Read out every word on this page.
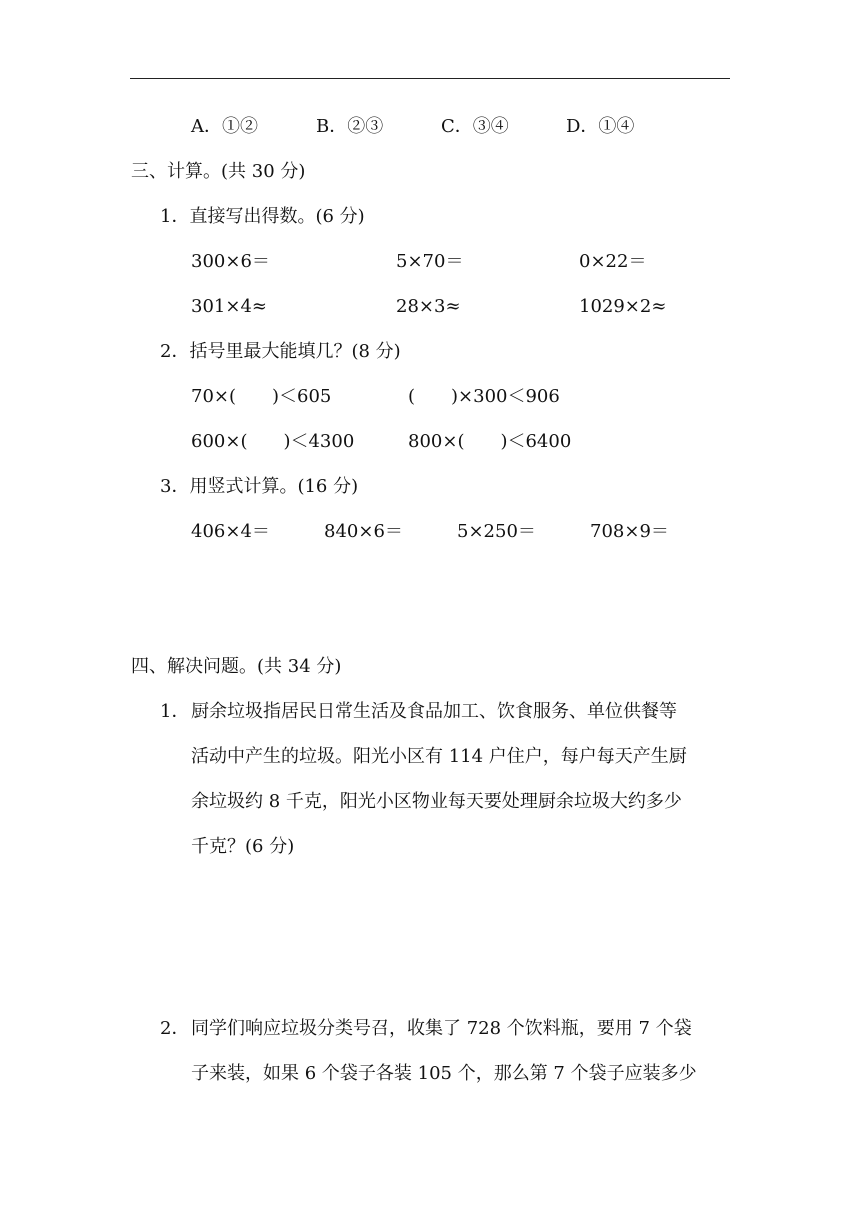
A．①②	B．②③	C．③④	D．①④
三、计算。(共 30 分)
1．直接写出得数。(6 分)
300×6＝	5×70＝	0×22＝
301×4≈	28×3≈	1029×2≈
2．括号里最大能填几？(8 分)
70×(　　)＜605	(　　)×300＜906
600×(　　)＜4300	800×(　　)＜6400
3．用竖式计算。(16 分)
406×4＝	840×6＝	5×250＝	708×9＝
四、解决问题。(共 34 分)
1． 厨余垃圾指居民日常生活及食品加工、饮食服务、单位供餐等
活动中产生的垃圾。阳光小区有 114 户住户，每户每天产生厨
余垃圾约 8 千克，阳光小区物业每天要处理厨余垃圾大约多少
千克？(6 分)
2． 同学们响应垃圾分类号召，收集了 728 个饮料瓶，要用 7 个袋
子来装，如果 6 个袋子各装 105 个，那么第 7 个袋子应装多少
